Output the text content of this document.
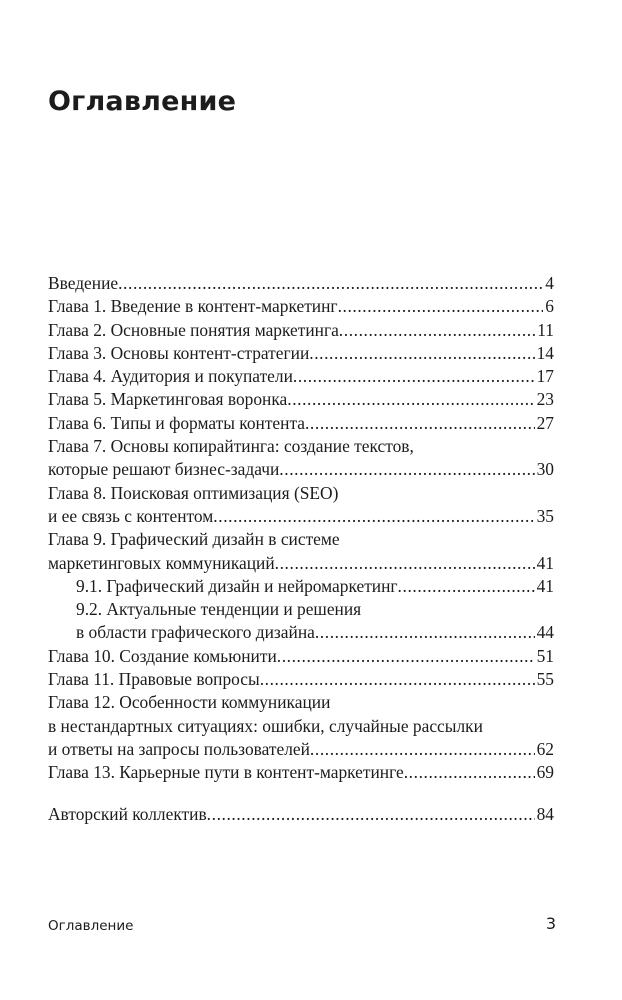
Оглавление
Введение .....	4
Глава 1. Введение в контент-маркетинг .....	6
Глава 2. Основные понятия маркетинга .....	11
Глава 3. Основы контент-стратегии .....	14
Глава 4. Аудитория и покупатели .....	17
Глава 5. Маркетинговая воронка .....	23
Глава 6. Типы и форматы контента .....	27
Глава 7. Основы копирайтинга: создание текстов,
которые решают бизнес-задачи .....	30
Глава 8. Поисковая оптимизация (SEO)
и ее связь с контентом .....	35
Глава 9. Графический дизайн в системе
маркетинговых коммуникаций .....	41
9.1. Графический дизайн и нейромаркетинг .....	41
9.2. Актуальные тенденции и решения
в области графического дизайна .....	44
Глава 10. Создание комьюнити .....	51
Глава 11. Правовые вопросы .....	55
Глава 12. Особенности коммуникации
в нестандартных ситуациях: ошибки, случайные рассылки
и ответы на запросы пользователей .....	62
Глава 13. Карьерные пути в контент-маркетинге .....	69
Авторский коллектив .....	84
Оглавление	3
